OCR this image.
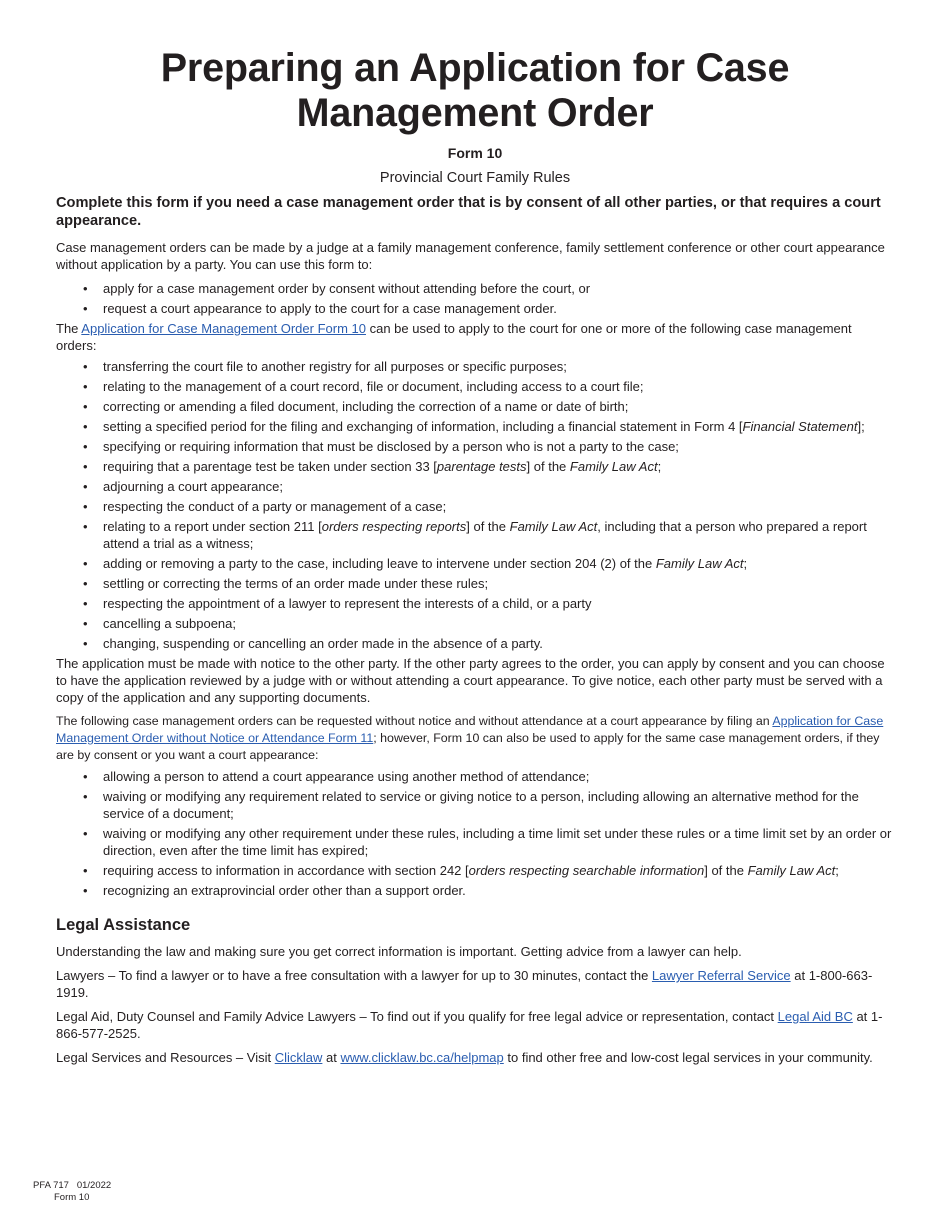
Preparing an Application for Case
Management Order
Form 10
Provincial Court Family Rules
Complete this form if you need a case management order that is by consent of all other parties, or that requires a court appearance.

Case management orders can be made by a judge at a family management conference, family settlement conference or other court appearance without application by a party. You can use this form to:

• apply for a case management order by consent without attending before the court, or
• request a court appearance to apply to the court for a case management order.

The Application for Case Management Order Form 10 can be used to apply to the court for one or more of the following case management orders:

• transferring the court file to another registry for all purposes or specific purposes;
• relating to the management of a court record, file or document, including access to a court file;
• correcting or amending a filed document, including the correction of a name or date of birth;
• setting a specified period for the filing and exchanging of information, including a financial statement in Form 4 [Financial Statement];
• specifying or requiring information that must be disclosed by a person who is not a party to the case;
• requiring that a parentage test be taken under section 33 [parentage tests] of the Family Law Act;
• adjourning a court appearance;
• respecting the conduct of a party or management of a case;
• relating to a report under section 211 [orders respecting reports] of the Family Law Act, including that a person who prepared a report attend a trial as a witness;
• adding or removing a party to the case, including leave to intervene under section 204 (2) of the Family Law Act;
• settling or correcting the terms of an order made under these rules;
• respecting the appointment of a lawyer to represent the interests of a child, or a party
• cancelling a subpoena;
• changing, suspending or cancelling an order made in the absence of a party.

The application must be made with notice to the other party. If the other party agrees to the order, you can apply by consent and you can choose to have the application reviewed by a judge with or without attending a court appearance. To give notice, each other party must be served with a copy of the application and any supporting documents.

The following case management orders can be requested without notice and without attendance at a court appearance by filing an Application for Case Management Order without Notice or Attendance Form 11; however, Form 10 can also be used to apply for the same case management orders, if they are by consent or you want a court appearance:

• allowing a person to attend a court appearance using another method of attendance;
• waiving or modifying any requirement related to service or giving notice to a person, including allowing an alternative method for the service of a document;
• waiving or modifying any other requirement under these rules, including a time limit set under these rules or a time limit set by an order or direction, even after the time limit has expired;
• requiring access to information in accordance with section 242 [orders respecting searchable information] of the Family Law Act;
• recognizing an extraprovincial order other than a support order.
Legal Assistance

Understanding the law and making sure you get correct information is important. Getting advice from a lawyer can help.

Lawyers – To find a lawyer or to have a free consultation with a lawyer for up to 30 minutes, contact the Lawyer Referral Service at 1-800-663-1919.

Legal Aid, Duty Counsel and Family Advice Lawyers – To find out if you qualify for free legal advice or representation, contact Legal Aid BC at 1-866-577-2525.

Legal Services and Resources – Visit Clicklaw at www.clicklaw.bc.ca/helpmap to find other free and low-cost legal services in your community.

PFA 717   01/2022
Form 10
